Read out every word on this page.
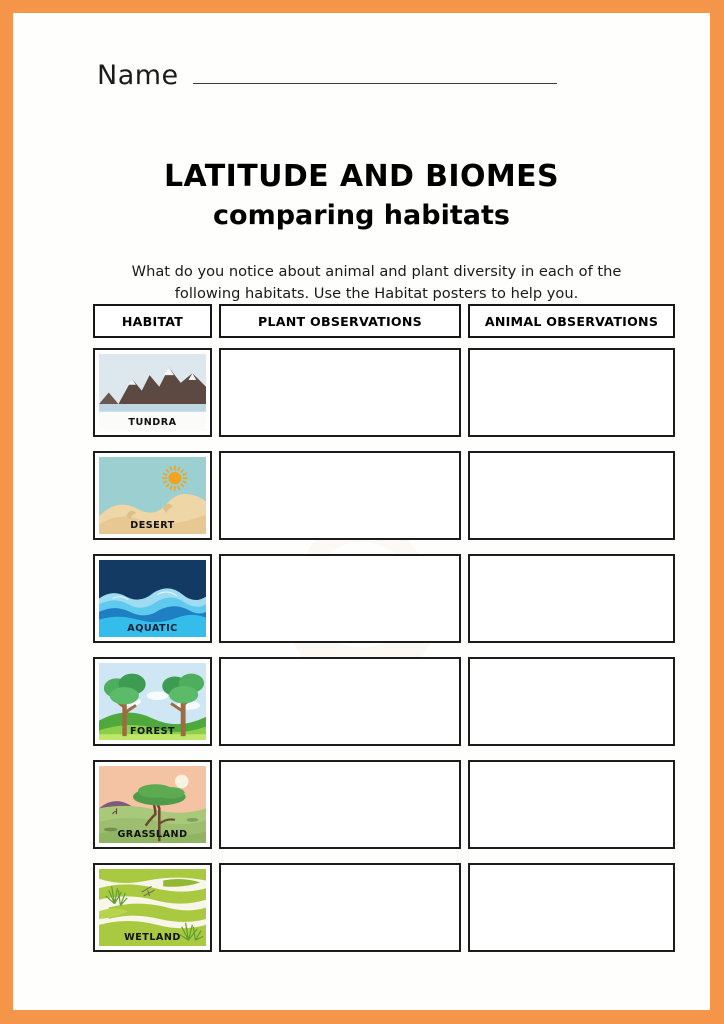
Name
LATITUDE AND BIOMES
comparing habitats
What do you notice about animal and plant diversity in each of the following habitats. Use the Habitat posters to help you.
HABITAT	PLANT OBSERVATIONS	ANIMAL OBSERVATIONS
TUNDRA
DESERT
AQUATIC
FOREST
GRASSLAND
WETLAND
